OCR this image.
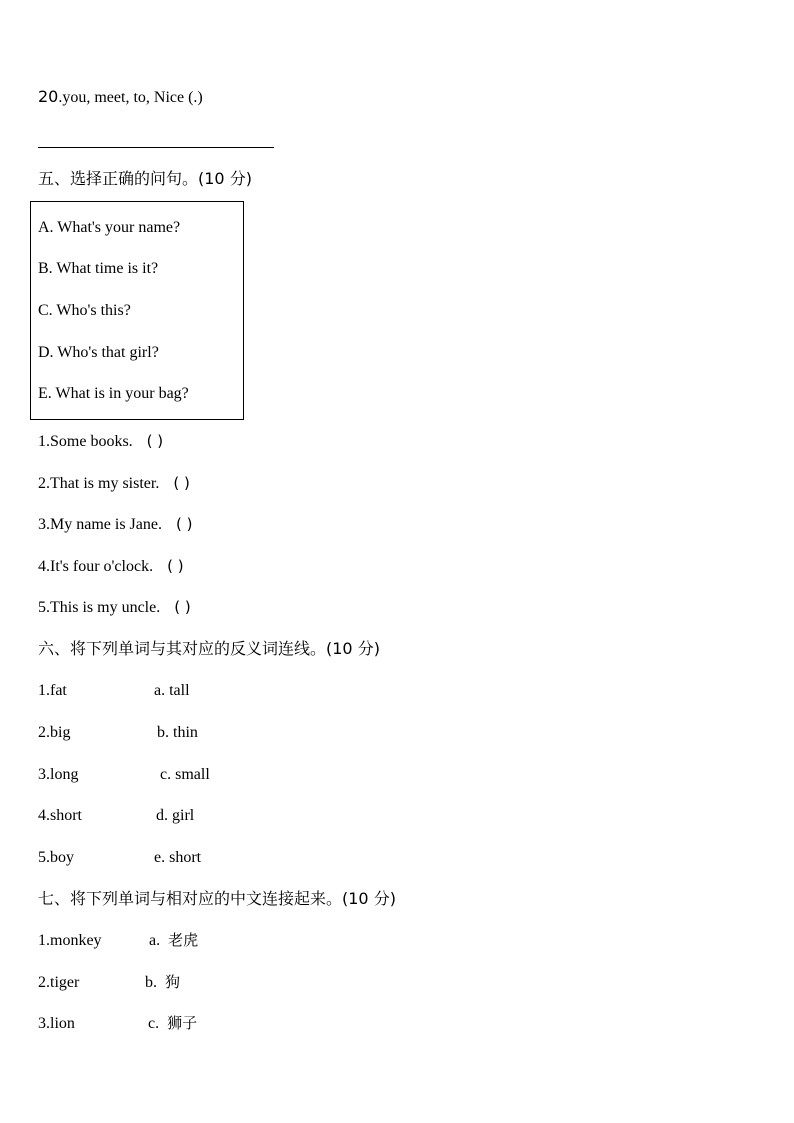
20.you, meet, to, Nice (.)
五、选择正确的问句。(10 分)
A. What's your name?
B. What time is it?
C. Who's this?
D. Who's that girl?
E. What is in your bag?
1.Some books. ( )
2.That is my sister. ( )
3.My name is Jane. ( )
4.It's four o'clock. ( )
5.This is my uncle. ( )
六、将下列单词与其对应的反义词连线。(10 分)
1.fat	a. tall
2.big	b. thin
3.long	c. small
4.short	d. girl
5.boy	e. short
七、将下列单词与相对应的中文连接起来。(10 分)
1.monkey	a. 老虎
2.tiger	b. 狗
3.lion	c. 狮子
